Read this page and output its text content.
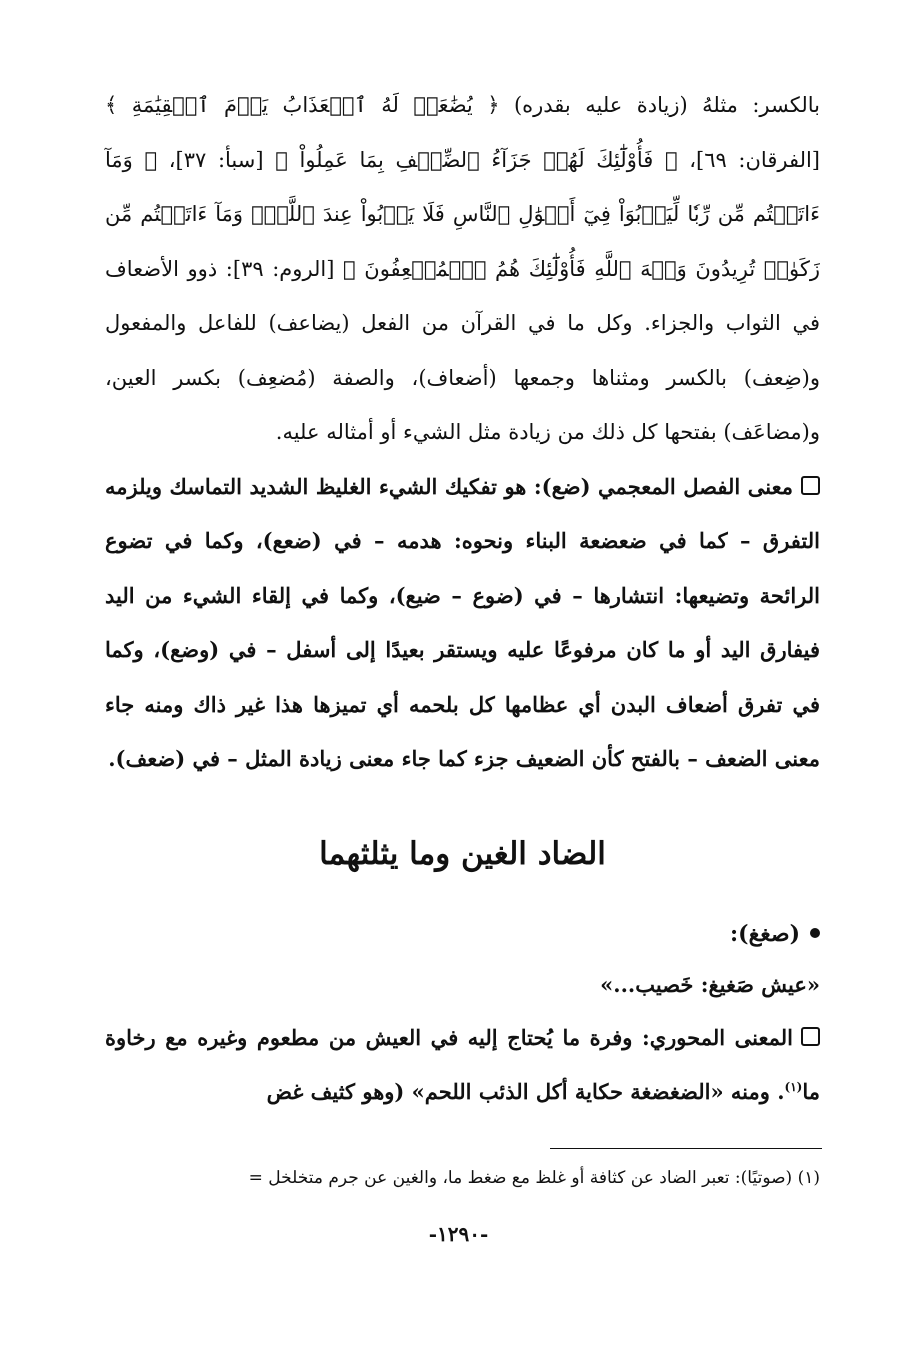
بالكسر: مثلهُ (زيادة عليه بقدره) ﴿ يُضَٰعَفۡ لَهُ ٱلۡعَذَابُ يَوۡمَ ٱلۡقِيَٰمَةِ ﴾ [الفرقان: ٦٩]، ﴿ فَأُوْلَٰٓئِكَ لَهُمۡ جَزَآءُ ٱلضِّعۡفِ بِمَا عَمِلُواْ ﴾ [سبأ: ٣٧]، ﴿ وَمَآ ءَاتَيۡتُم مِّن رِّبٗا لِّيَرۡبُوَاْ فِيٓ أَمۡوَٰلِ ٱلنَّاسِ فَلَا يَرۡبُواْ عِندَ ٱللَّهِۖ وَمَآ ءَاتَيۡتُم مِّن زَكَوٰةٖ تُرِيدُونَ وَجۡهَ ٱللَّهِ فَأُوْلَٰٓئِكَ هُمُ ٱلۡمُضۡعِفُونَ ﴾ [الروم: ٣٩]: ذوو الأضعاف في الثواب والجزاء. وكل ما في القرآن من الفعل (يضاعف) للفاعل والمفعول و(ضِعف) بالكسر ومثناها وجمعها (أضعاف)، والصفة (مُضعِف) بكسر العين، و(مضاعَف) بفتحها كل ذلك من زيادة مثل الشيء أو أمثاله عليه.

معنى الفصل المعجمي (ضع): هو تفكيك الشيء الغليظ الشديد التماسك ويلزمه التفرق – كما في ضعضعة البناء ونحوه: هدمه – في (ضعع)، وكما في تضوع الرائحة وتضيعها: انتشارها – في (ضوع – ضيع)، وكما في إلقاء الشيء من اليد فيفارق اليد أو ما كان مرفوعًا عليه ويستقر بعيدًا إلى أسفل – في (وضع)، وكما في تفرق أضعاف البدن أي عظامها كل بلحمه أي تميزها هذا غير ذاك ومنه جاء معنى الضعف – بالفتح كأن الضعيف جزء كما جاء معنى زيادة المثل – في (ضعف).

الضاد الغين وما يثلثهما

(صغغ):

«عيش صَغيغ: خَصيب...»

المعنى المحوري: وفرة ما يُحتاج إليه في العيش من مطعوم وغيره مع رخاوة ما$^{(١)}$. ومنه «الضغضغة حكاية أكل الذئب اللحم» (وهو كثيف غض

(١) (صوتيًا): تعبر الضاد عن كثافة أو غلظ مع ضغط ما، والغين عن جرم متخلخل =

-١٢٩٠-
